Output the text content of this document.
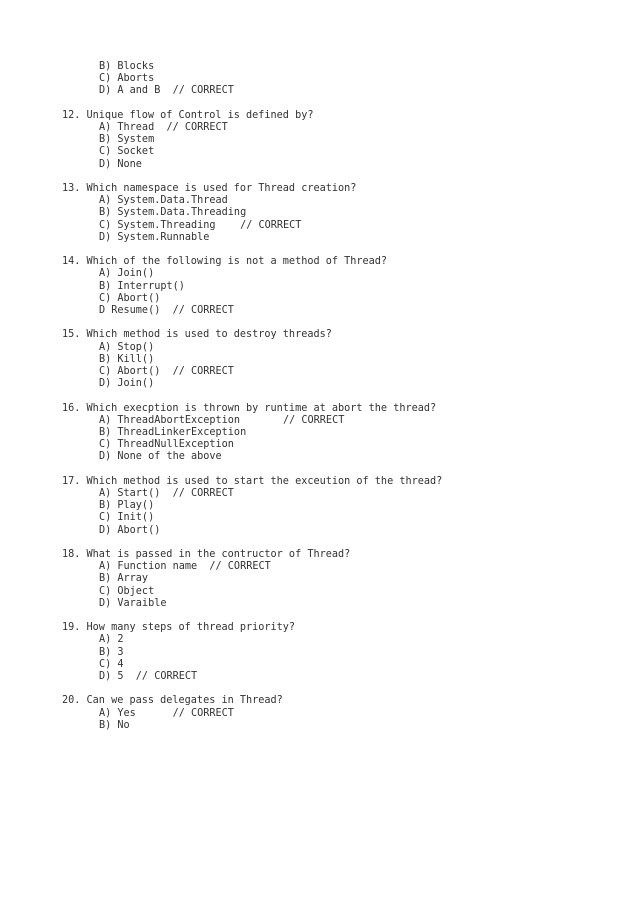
B) Blocks
C) Aborts
D) A and B  // CORRECT
12. Unique flow of Control is defined by?
A) Thread  // CORRECT
B) System
C) Socket
D) None
13. Which namespace is used for Thread creation?
A) System.Data.Thread
B) System.Data.Threading
C) System.Threading    // CORRECT
D) System.Runnable
14. Which of the following is not a method of Thread?
A) Join()
B) Interrupt()
C) Abort()
D Resume()  // CORRECT
15. Which method is used to destroy threads?
A) Stop()
B) Kill()
C) Abort()  // CORRECT
D) Join()
16. Which execption is thrown by runtime at abort the thread?
A) ThreadAbortException       // CORRECT
B) ThreadLinkerException
C) ThreadNullException
D) None of the above
17. Which method is used to start the exceution of the thread?
A) Start()  // CORRECT
B) Play()
C) Init()
D) Abort()
18. What is passed in the contructor of Thread?
A) Function name  // CORRECT
B) Array
C) Object
D) Varaible
19. How many steps of thread priority?
A) 2
B) 3
C) 4
D) 5  // CORRECT
20. Can we pass delegates in Thread?
A) Yes      // CORRECT
B) No
